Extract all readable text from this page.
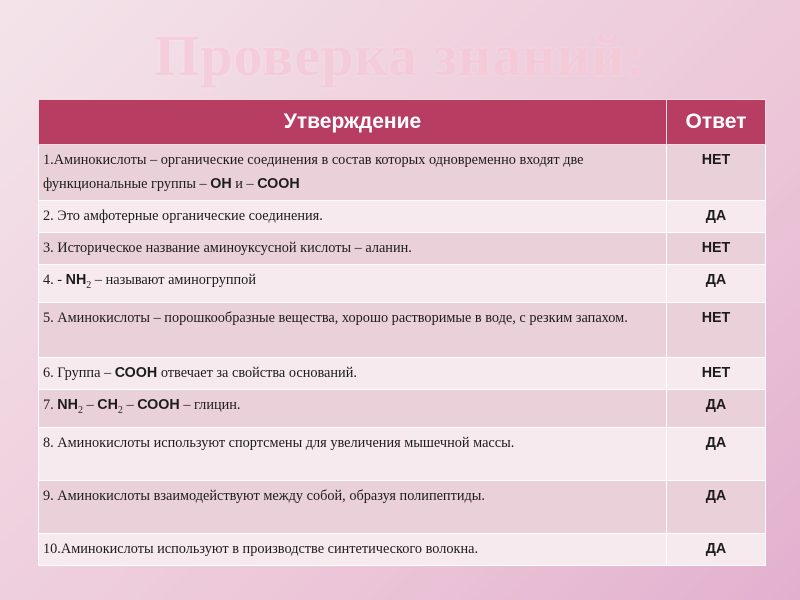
Проверка знаний:
Утверждение	Ответ
1.Аминокислоты – органические соединения в состав которых одновременно входят две функциональные группы – ОН и – СООН	НЕТ
2. Это амфотерные органические соединения.	ДА
3. Историческое название аминоуксусной кислоты – аланин.	НЕТ
4. - $NH_2$ – называют аминогруппой	ДА
5. Аминокислоты – порошкообразные вещества, хорошо растворимые в воде, с резким запахом.	НЕТ
6. Группа – СООН отвечает за свойства оснований.	НЕТ
7. $NH_2 - CH_2$ – СООН – глицин.	ДА
8. Аминокислоты используют спортсмены для увеличения мышечной массы.	ДА
9. Аминокислоты взаимодействуют между собой, образуя полипептиды.	ДА
10.Аминокислоты используют в производстве синтетического волокна.	ДА
